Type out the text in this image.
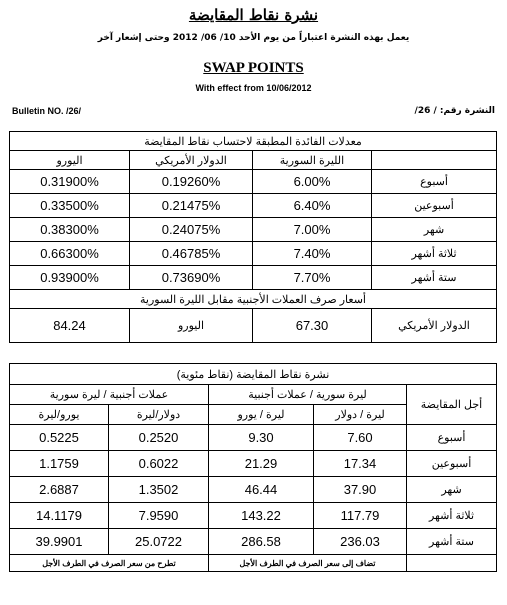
نشرة نقاط المقايضة
يعمل بهذه النشرة اعتباراً من يوم الأحد 10/ 06/ 2012 وحتى إشعار آخر
SWAP POINTS
With effect from 10/06/2012
Bulletin NO. /26/	النشرة رقم: / 26/
معدلات الفائدة المطبقة لاحتساب نقاط المقايضة			
اليورو	الدولار الأمريكي	الليرة السورية	
0.31900%	0.19260%	6.00%	أسبوع
0.33500%	0.21475%	6.40%	أسبوعين
0.38300%	0.24075%	7.00%	شهر
0.66300%	0.46785%	7.40%	ثلاثة أشهر
0.93900%	0.73690%	7.70%	ستة أشهر
أسعار صرف العملات الأجنبية مقابل الليرة السورية			
84.24	اليورو	67.30	الدولار الأمريكي
نشرة نقاط المقايضة (نقاط مئوية)				
عملات أجنبية / ليرة سورية		ليرة سورية / عملات أجنبية		أجل المقايضة
يورو/ليرة	دولار/ليرة	ليرة / يورو	ليرة / دولار	
0.5225	0.2520	9.30	7.60	أسبوع
1.1759	0.6022	21.29	17.34	أسبوعين
2.6887	1.3502	46.44	37.90	شهر
14.1179	7.9590	143.22	117.79	ثلاثة أشهر
39.9901	25.0722	286.58	236.03	ستة أشهر
تطرح من سعر الصرف في الطرف الأجل		تضاف إلى سعر الصرف في الطرف الأجل		
